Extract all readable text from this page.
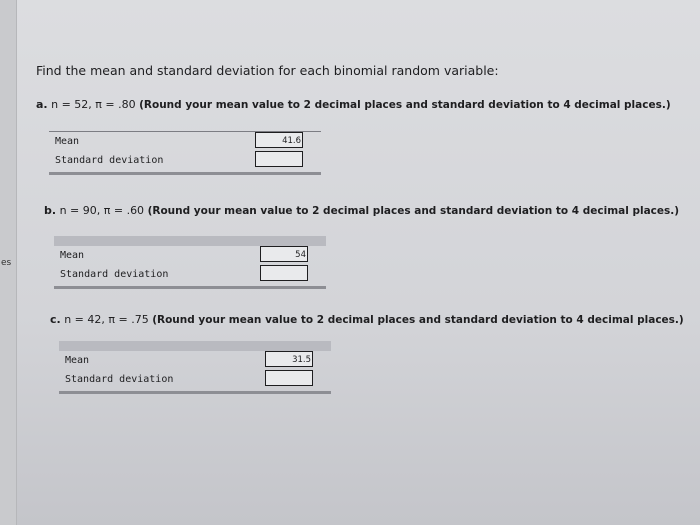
es
Find the mean and standard deviation for each binomial random variable:
a. n = 52, π = .80 (Round your mean value to 2 decimal places and standard deviation to 4 decimal places.)
Mean	41.6
Standard deviation
b. n = 90, π = .60 (Round your mean value to 2 decimal places and standard deviation to 4 decimal places.)
Mean	54
Standard deviation
c. n = 42, π = .75 (Round your mean value to 2 decimal places and standard deviation to 4 decimal places.)
Mean	31.5
Standard deviation
